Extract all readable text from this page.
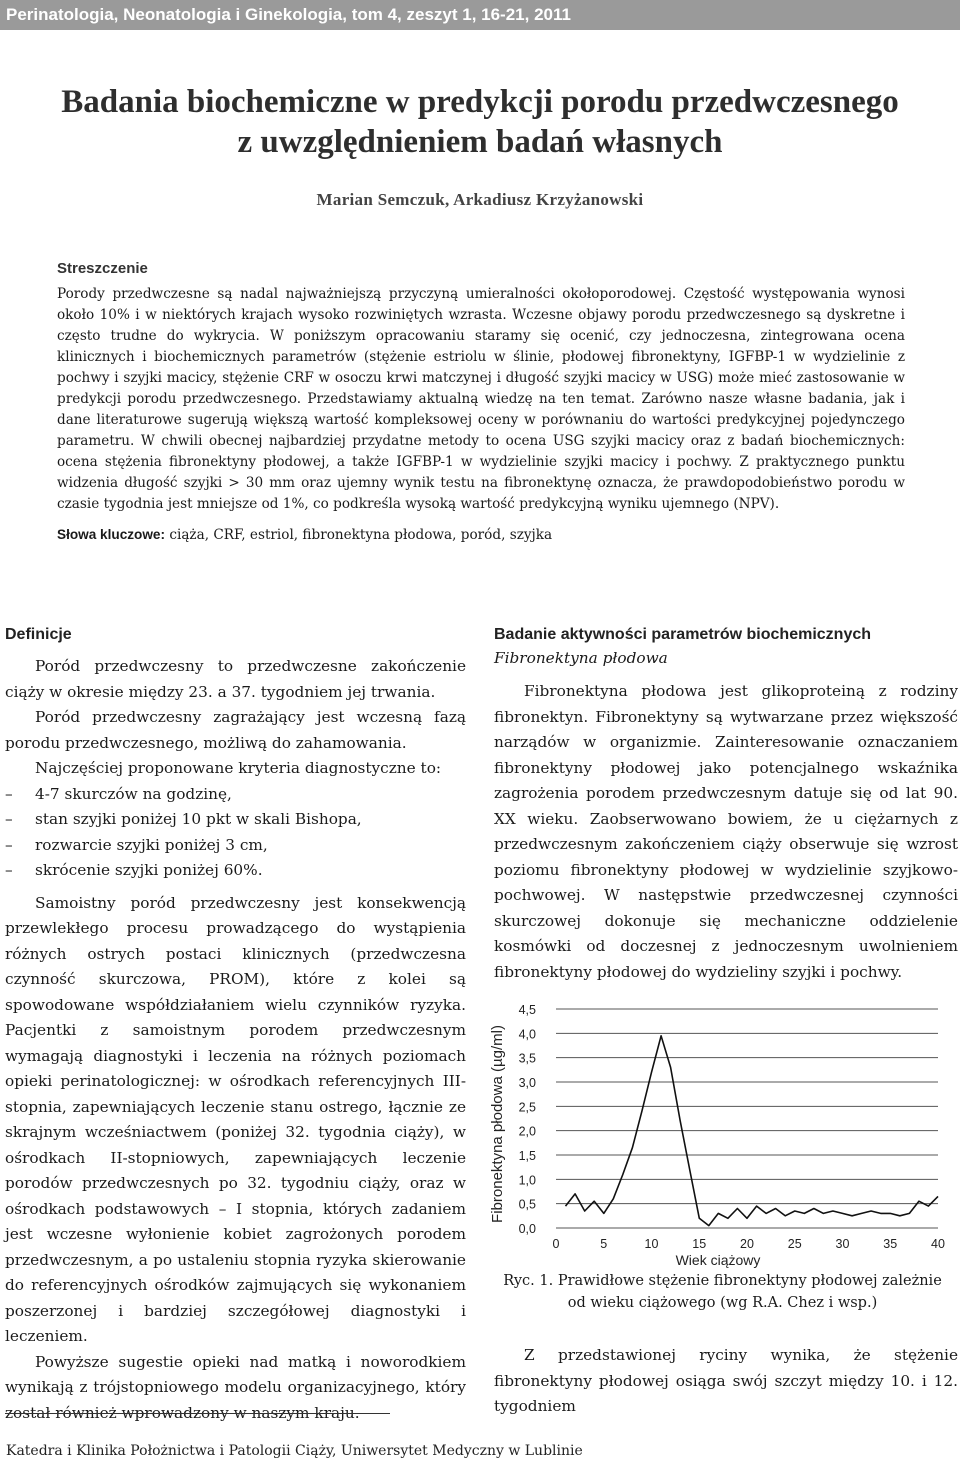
Perinatologia, Neonatologia i Ginekologia, tom 4, zeszyt 1, 16-21, 2011
Badania biochemiczne w predykcji porodu przedwczesnego
z uwzględnieniem badań własnych
Marian Semczuk, Arkadiusz Krzyżanowski
Streszczenie

Porody przedwczesne są nadal najważniejszą przyczyną umieralności okołoporodowej. Częstość występowania wynosi około 10% i w niektórych krajach wysoko rozwiniętych wzrasta. Wczesne objawy porodu przedwczesnego są dyskretne i często trudne do wykrycia. W poniższym opracowaniu staramy się ocenić, czy jednoczesna, zintegrowana ocena klinicznych i biochemicznych parametrów (stężenie estriolu w ślinie, płodowej fibronektyny, IGFBP-1 w wydzielinie z pochwy i szyjki macicy, stężenie CRF w osoczu krwi matczynej i długość szyjki macicy w USG) może mieć zastosowanie w predykcji porodu przedwczesnego. Przedstawiamy aktualną wiedzę na ten temat. Zarówno nasze własne badania, jak i dane literaturowe sugerują większą wartość kompleksowej oceny w porównaniu do wartości predykcyjnej pojedynczego parametru. W chwili obecnej najbardziej przydatne metody to ocena USG szyjki macicy oraz z badań biochemicznych: ocena stężenia fibronektyny płodowej, a także IGFBP-1 w wydzielinie szyjki macicy i pochwy. Z praktycznego punktu widzenia długość szyjki > 30 mm oraz ujemny wynik testu na fibronektynę oznacza, że prawdopodobieństwo porodu w czasie tygodnia jest mniejsze od 1%, co podkreśla wysoką wartość predykcyjną wyniku ujemnego (NPV).

Słowa kluczowe: ciąża, CRF, estriol, fibronektyna płodowa, poród, szyjka

Definicje

Poród przedwczesny to przedwczesne zakończenie ciąży w okresie między 23. a 37. tygodniem jej trwania.

Poród przedwczesny zagrażający jest wczesną fazą porodu przedwczesnego, możliwą do zahamowania.

Najczęściej proponowane kryteria diagnostyczne to:

– 4-7 skurczów na godzinę,
– stan szyjki poniżej 10 pkt w skali Bishopa,
– rozwarcie szyjki poniżej 3 cm,
– skrócenie szyjki poniżej 60%.

Samoistny poród przedwczesny jest konsekwencją przewlekłego procesu prowadzącego do wystąpienia różnych ostrych postaci klinicznych (przedwczesna czynność skurczowa, PROM), które z kolei są spowodowane współdziałaniem wielu czynników ryzyka. Pacjentki z samoistnym porodem przedwczesnym wymagają diagnostyki i leczenia na różnych poziomach opieki perinatologicznej: w ośrodkach referencyjnych III-stopnia, zapewniających leczenie stanu ostrego, łącznie ze skrajnym wcześniactwem (poniżej 32. tygodnia ciąży), w ośrodkach II-stopniowych, zapewniających leczenie porodów przedwczesnych po 32. tygodniu ciąży, oraz w ośrodkach podstawowych – I stopnia, których zadaniem jest wczesne wyłonienie kobiet zagrożonych porodem przedwczesnym, a po ustaleniu stopnia ryzyka skierowanie do referencyjnych ośrodków zajmujących się wykonaniem poszerzonej i bardziej szczegółowej diagnostyki i leczeniem.

Powyższe sugestie opieki nad matką i noworodkiem wynikają z trójstopniowego modelu organizacyjnego, który został również wprowadzony w naszym kraju.

Badanie aktywności parametrów biochemicznych
Fibronektyna płodowa

Fibronektyna płodowa jest glikoproteiną z rodziny fibronektyn. Fibronektyny są wytwarzane przez większość narządów w organizmie. Zainteresowanie oznaczaniem fibronektyny płodowej jako potencjalnego wskaźnika zagrożenia porodem przedwczesnym datuje się od lat 90. XX wieku. Zaobserwowano bowiem, że u ciężarnych z przedwczesnym zakończeniem ciąży obserwuje się wzrost poziomu fibronektyny płodowej w wydzielinie szyjkowo-pochwowej. W następstwie przedwczesnej czynności skurczowej dokonuje się mechaniczne oddzielenie kosmówki od doczesnej z jednoczesnym uwolnieniem fibronektyny płodowej do wydzieliny szyjki i pochwy.

0,0
0,5
1,0
1,5
2,0
2,5
3,0
3,5
4,0
4,5
0	5	10	15	20	25	30	35	40
Fibronektyna płodowa (µg/ml)
Wiek ciążowy
Ryc. 1. Prawidłowe stężenie fibronektyny płodowej zależnie
od wieku ciążowego (wg R.A. Chez i wsp.)

Z przedstawionej ryciny wynika, że stężenie fibronektyny płodowej osiąga swój szczyt między 10. i 12. tygodniem

Katedra i Klinika Położnictwa i Patologii Ciąży, Uniwersytet Medyczny w Lublinie
